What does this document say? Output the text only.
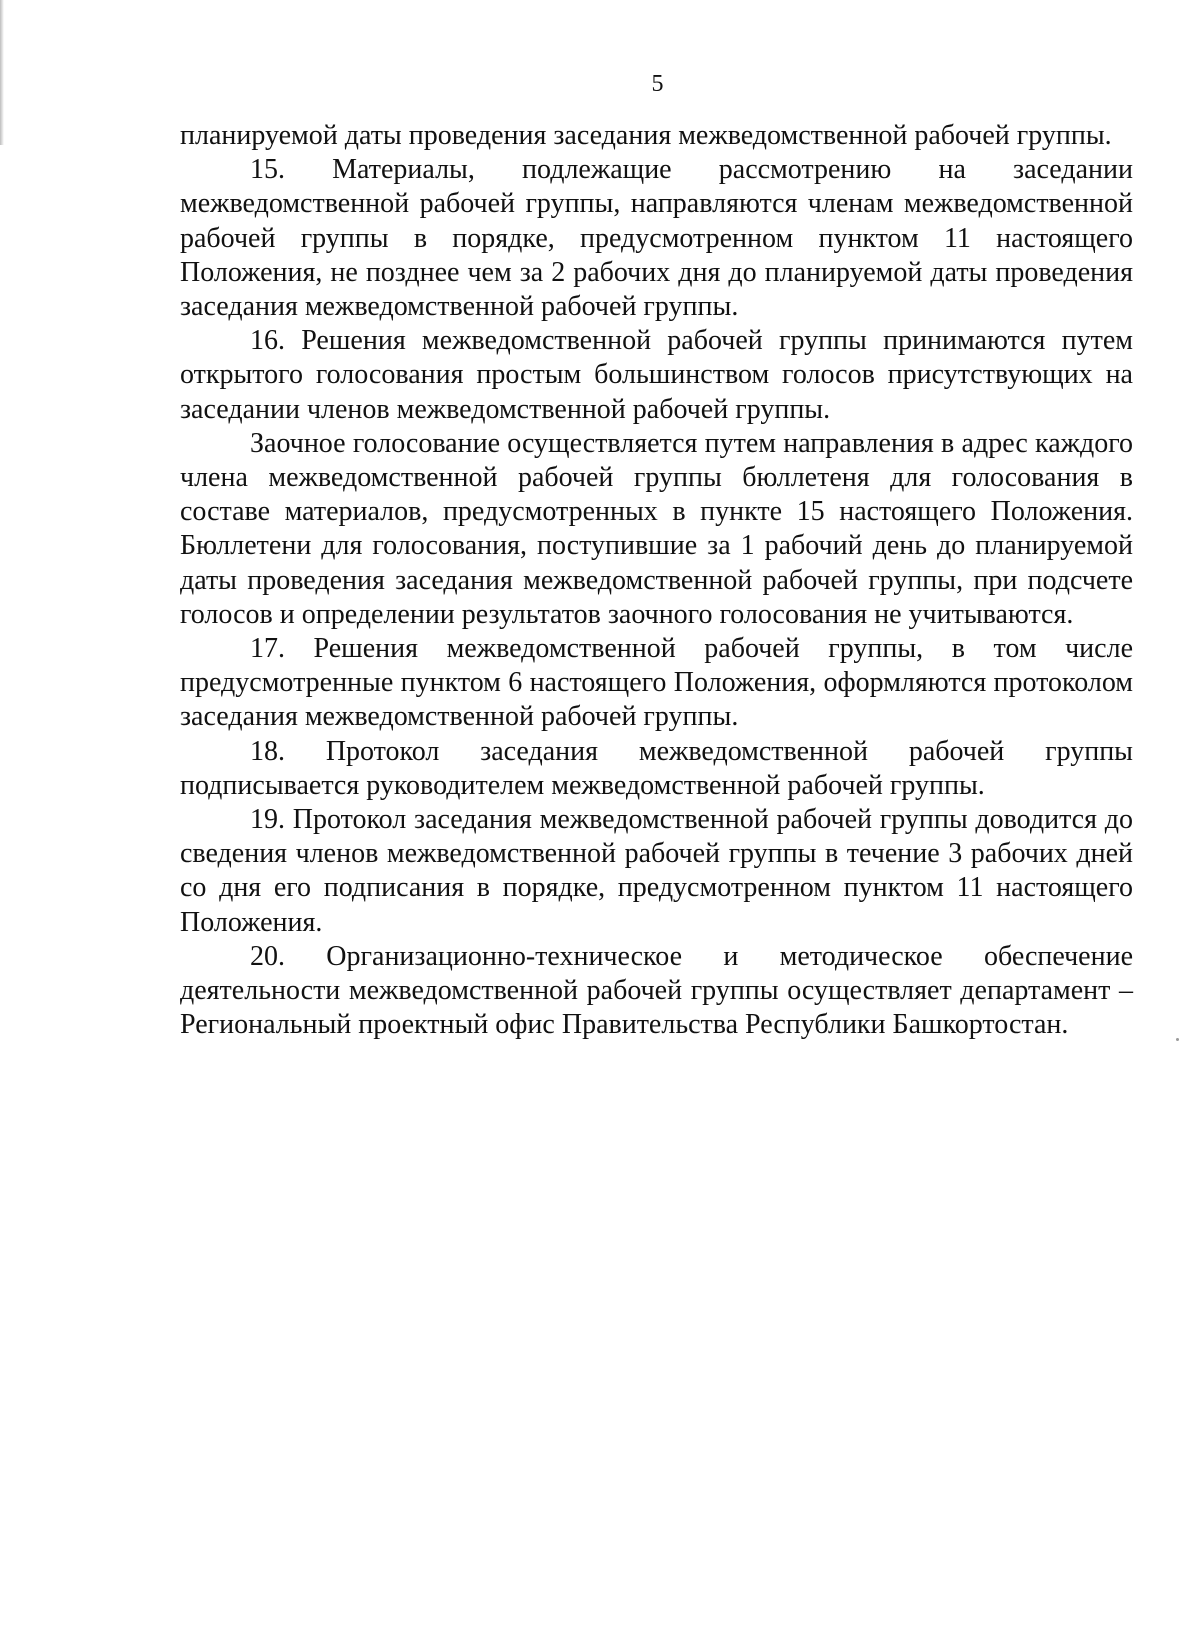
5

планируемой даты проведения заседания межведомственной рабочей группы.

15. Материалы, подлежащие рассмотрению на заседании межведомственной рабочей группы, направляются членам межведомственной рабочей группы в порядке, предусмотренном пунктом 11 настоящего Положения, не позднее чем за 2 рабочих дня до планируемой даты проведения заседания межведомственной рабочей группы.

16. Решения межведомственной рабочей группы принимаются путем открытого голосования простым большинством голосов присутствующих на заседании членов межведомственной рабочей группы.

Заочное голосование осуществляется путем направления в адрес каждого члена межведомственной рабочей группы бюллетеня для голосования в составе материалов, предусмотренных в пункте 15 настоящего Положения. Бюллетени для голосования, поступившие за 1 рабочий день до планируемой даты проведения заседания межведомственной рабочей группы, при подсчете голосов и определении результатов заочного голосования не учитываются.

17. Решения межведомственной рабочей группы, в том числе предусмотренные пунктом 6 настоящего Положения, оформляются протоколом заседания межведомственной рабочей группы.

18. Протокол заседания межведомственной рабочей группы подписывается руководителем межведомственной рабочей группы.

19. Протокол заседания межведомственной рабочей группы доводится до сведения членов межведомственной рабочей группы в течение 3 рабочих дней со дня его подписания в порядке, предусмотренном пунктом 11 настоящего Положения.

20. Организационно-техническое и методическое обеспечение деятельности межведомственной рабочей группы осуществляет департамент – Региональный проектный офис Правительства Республики Башкортостан.
